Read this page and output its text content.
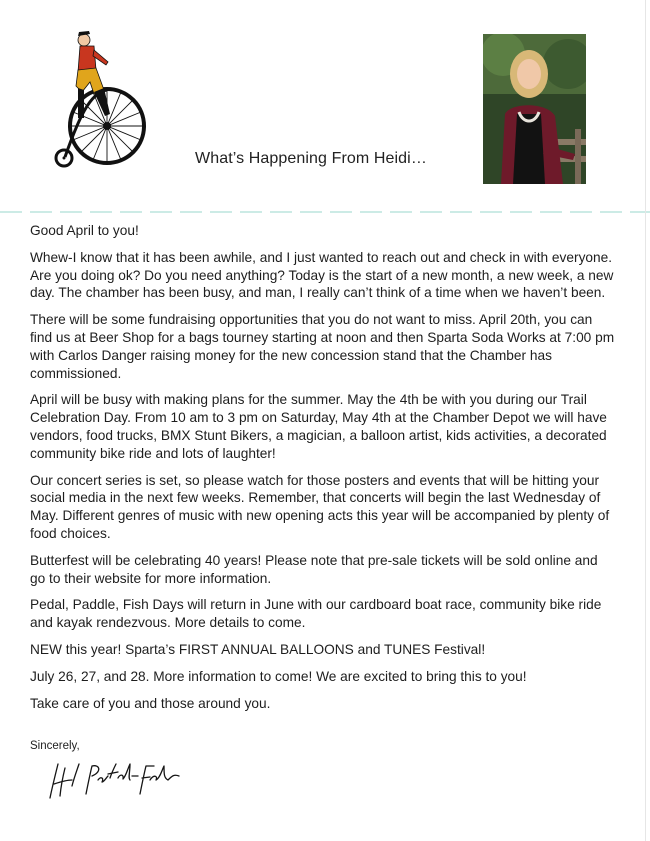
What’s Happening From Heidi…

Good April to you!

Whew-I know that it has been awhile, and I just wanted to reach out and check in with everyone. Are you doing ok? Do you need anything? Today is the start of a new month, a new week, a new day. The chamber has been busy, and man, I really can’t think of a time when we haven’t been.

There will be some fundraising opportunities that you do not want to miss. April 20th, you can find us at Beer Shop for a bags tourney starting at noon and then Sparta Soda Works at 7:00 pm with Carlos Danger raising money for the new concession stand that the Chamber has commissioned.

April will be busy with making plans for the summer. May the 4th be with you during our Trail Celebration Day. From 10 am to 3 pm on Saturday, May 4th at the Chamber Depot we will have vendors, food trucks, BMX Stunt Bikers, a magician, a balloon artist, kids activities, a decorated community bike ride and lots of laughter!

Our concert series is set, so please watch for those posters and events that will be hitting your social media in the next few weeks. Remember, that concerts will begin the last Wednesday of May. Different genres of music with new opening acts this year will be accompanied by plenty of food choices.

Butterfest will be celebrating 40 years! Please note that pre-sale tickets will be sold online and go to their website for more information.

Pedal, Paddle, Fish Days will return in June with our cardboard boat race, community bike ride and kayak rendezvous. More details to come.

NEW this year! Sparta’s FIRST ANNUAL BALLOONS and TUNES Festival!

July 26, 27, and 28. More information to come! We are excited to bring this to you!

Take care of you and those around you.

Sincerely,
